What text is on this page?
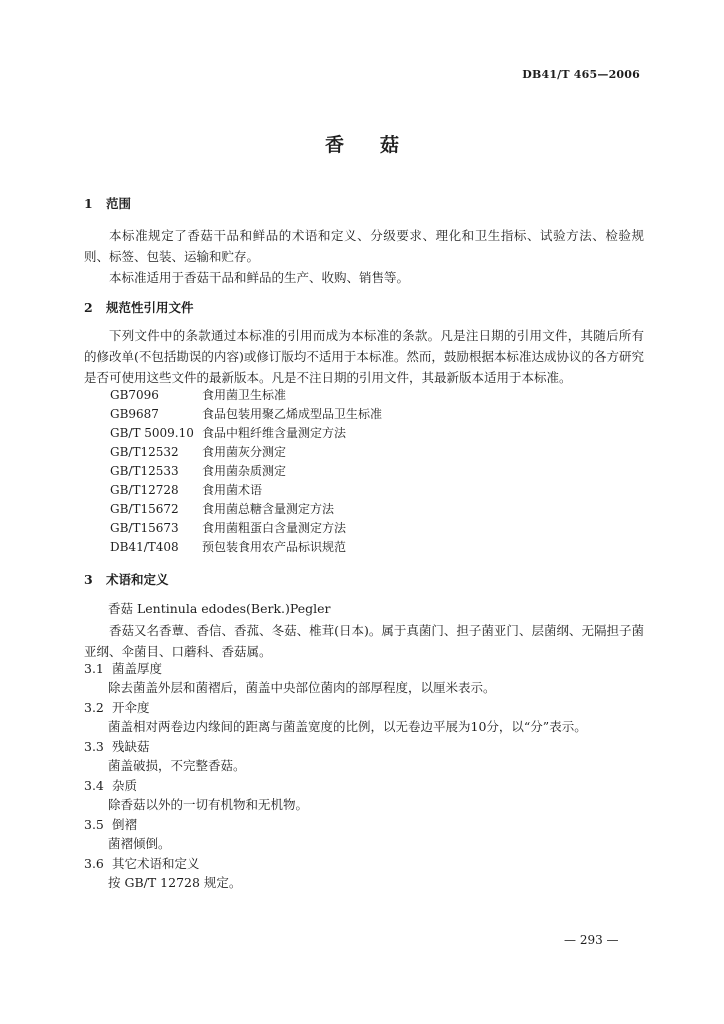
DB41/T 465—2006
香 菇
1 范围
本标准规定了香菇干品和鲜品的术语和定义、分级要求、理化和卫生指标、试验方法、检验规则、标签、包装、运输和贮存。
本标准适用于香菇干品和鲜品的生产、收购、销售等。
2 规范性引用文件
下列文件中的条款通过本标准的引用而成为本标准的条款。凡是注日期的引用文件，其随后所有的修改单(不包括勘误的内容)或修订版均不适用于本标准。然而，鼓励根据本标准达成协议的各方研究是否可使用这些文件的最新版本。凡是不注日期的引用文件，其最新版本适用于本标准。
GB7096	食用菌卫生标准
GB9687	食品包装用聚乙烯成型品卫生标准
GB/T 5009.10 食品中粗纤维含量测定方法
GB/T12532 食用菌灰分测定
GB/T12533 食用菌杂质测定
GB/T12728 食用菌术语
GB/T15672 食用菌总糖含量测定方法
GB/T15673 食用菌粗蛋白含量测定方法
DB41/T408 预包装食用农产品标识规范
3 术语和定义
香菇 Lentinula edodes(Berk.)Pegler
香菇又名香蕈、香信、香菰、冬菇、椎茸(日本)。属于真菌门、担子菌亚门、层菌纲、无隔担子菌亚纲、伞菌目、口蘑科、香菇属。
3.1 菌盖厚度
除去菌盖外层和菌褶后，菌盖中央部位菌肉的部厚程度，以厘米表示。
3.2 开伞度
菌盖相对两卷边内缘间的距离与菌盖宽度的比例，以无卷边平展为10分，以“分”表示。
3.3 残缺菇
菌盖破损，不完整香菇。
3.4 杂质
除香菇以外的一切有机物和无机物。
3.5 倒褶
菌褶倾倒。
3.6 其它术语和定义
按 GB/T 12728 规定。
— 293 —
